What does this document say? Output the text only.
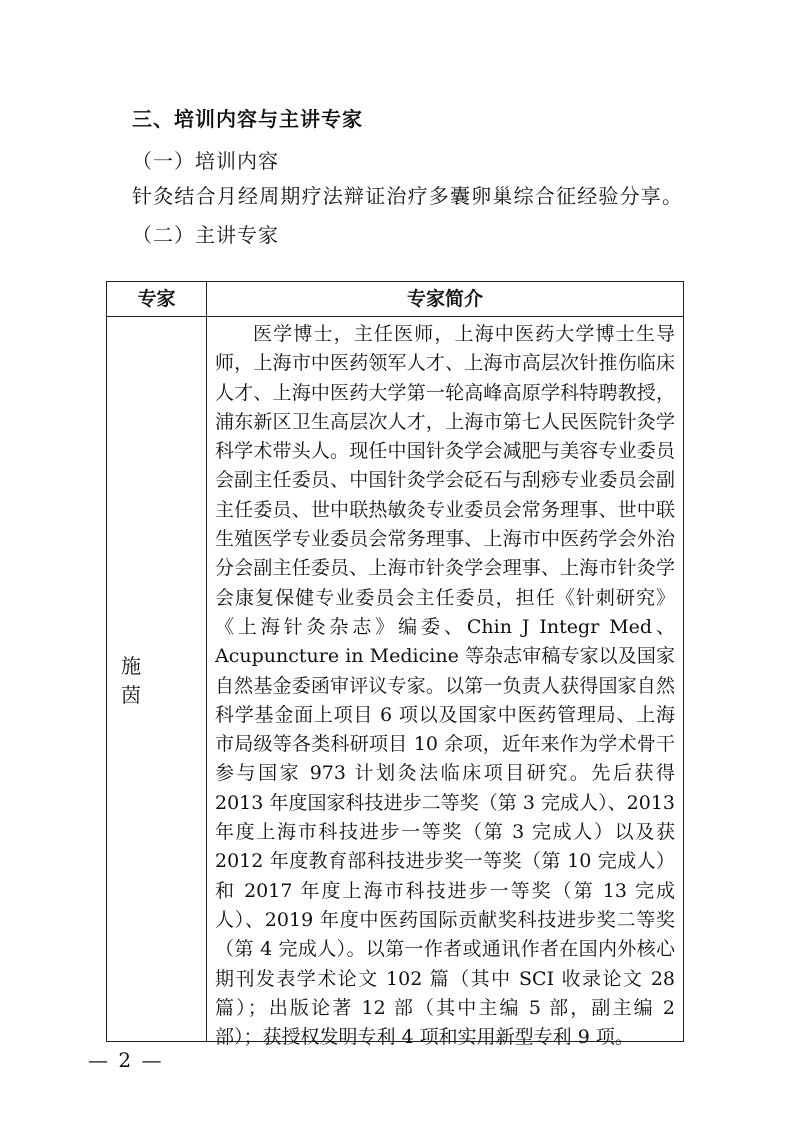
三、培训内容与主讲专家
（一）培训内容
针灸结合月经周期疗法辩证治疗多囊卵巢综合征经验分享。
（二）主讲专家
专家	专家简介
施 茵
医学博士，主任医师，上海中医药大学博士生导师，上海市中医药领军人才、上海市高层次针推伤临床人才、上海中医药大学第一轮高峰高原学科特聘教授，浦东新区卫生高层次人才，上海市第七人民医院针灸学科学术带头人。现任中国针灸学会减肥与美容专业委员会副主任委员、中国针灸学会砭石与刮痧专业委员会副主任委员、世中联热敏灸专业委员会常务理事、世中联生殖医学专业委员会常务理事、上海市中医药学会外治分会副主任委员、上海市针灸学会理事、上海市针灸学会康复保健专业委员会主任委员，担任《针刺研究》《上海针灸杂志》编委、Chin J Integr Med、Acupuncture in Medicine 等杂志审稿专家以及国家自然基金委函审评议专家。以第一负责人获得国家自然科学基金面上项目 6 项以及国家中医药管理局、上海市局级等各类科研项目 10 余项，近年来作为学术骨干参与国家 973 计划灸法临床项目研究。先后获得 2013 年度国家科技进步二等奖（第 3 完成人）、2013 年度上海市科技进步一等奖（第 3 完成人）以及获 2012 年度教育部科技进步奖一等奖（第 10 完成人）和 2017 年度上海市科技进步一等奖（第 13 完成人）、2019 年度中医药国际贡献奖科技进步奖二等奖（第 4 完成人）。以第一作者或通讯作者在国内外核心期刊发表学术论文 102 篇（其中 SCI 收录论文 28 篇）；出版论著 12 部（其中主编 5 部，副主编 2 部）；获授权发明专利 4 项和实用新型专利 9 项。
— 2 —
